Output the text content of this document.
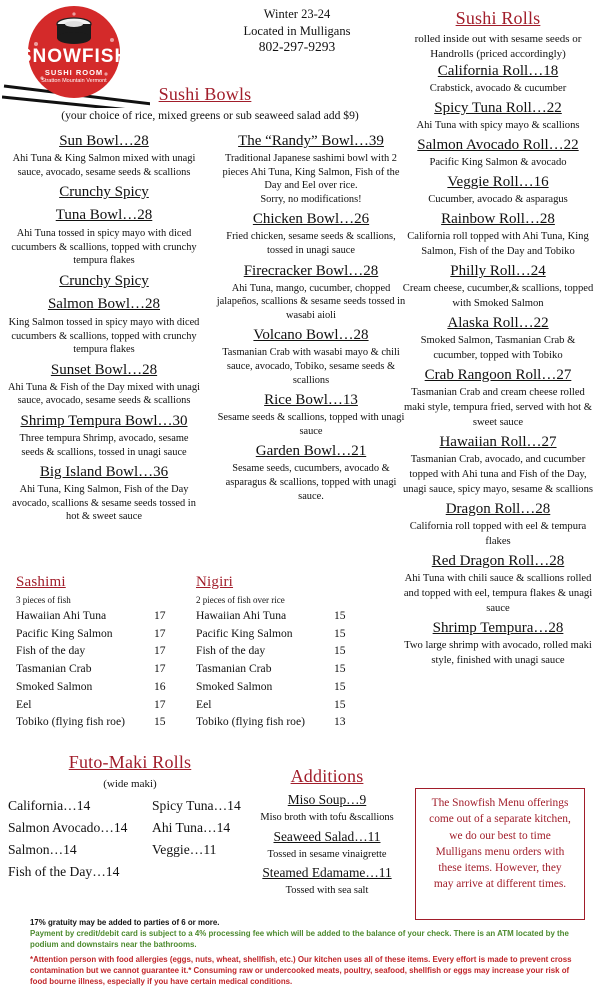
SNOWFISH
SUSHI ROOM
Stratton Mountain Vermont
Winter 23-24
Located in Mulligans
802-297-9293
Sushi Bowls
(your choice of rice, mixed greens or sub seaweed salad add $9)
Sun Bowl…28
Ahi Tuna & King Salmon mixed with unagi sauce, avocado, sesame seeds & scallions
Crunchy Spicy
Tuna Bowl…28
Ahi Tuna tossed in spicy mayo with diced cucumbers & scallions, topped with crunchy tempura flakes
Crunchy Spicy
Salmon Bowl…28
King Salmon tossed in spicy mayo with diced cucumbers & scallions, topped with crunchy tempura flakes
Sunset Bowl…28
Ahi Tuna & Fish of the Day mixed with unagi sauce, avocado, sesame seeds & scallions
Shrimp Tempura Bowl…30
Three tempura Shrimp, avocado, sesame seeds & scallions, tossed in unagi sauce
Big Island Bowl…36
Ahi Tuna, King Salmon, Fish of the Day avocado, scallions & sesame seeds tossed in hot & sweet sauce
The “Randy” Bowl…39
Traditional Japanese sashimi bowl with 2 pieces Ahi Tuna, King Salmon, Fish of the Day and Eel over rice.
Sorry, no modifications!
Chicken Bowl…26
Fried chicken, sesame seeds & scallions, tossed in unagi sauce
Firecracker Bowl…28
Ahi Tuna, mango, cucumber, chopped jalapeños, scallions & sesame seeds tossed in wasabi aioli
Volcano Bowl…28
Tasmanian Crab with wasabi mayo & chili sauce, avocado, Tobiko, sesame seeds & scallions
Rice Bowl…13
Sesame seeds & scallions, topped with unagi sauce
Garden Bowl…21
Sesame seeds, cucumbers, avocado & asparagus & scallions, topped with unagi sauce.
Sushi Rolls
rolled inside out with sesame seeds or Handrolls (priced accordingly)
California Roll…18
Crabstick, avocado & cucumber
Spicy Tuna Roll…22
Ahi Tuna with spicy mayo & scallions
Salmon Avocado Roll…22
Pacific King Salmon & avocado
Veggie Roll…16
Cucumber, avocado & asparagus
Rainbow Roll…28
California roll topped with Ahi Tuna, King Salmon, Fish of the Day and Tobiko
Philly Roll…24
Cream cheese, cucumber,& scallions, topped with Smoked Salmon
Alaska Roll…22
Smoked Salmon, Tasmanian Crab & cucumber, topped with Tobiko
Crab Rangoon Roll…27
Tasmanian Crab and cream cheese rolled maki style, tempura fried, served with hot & sweet sauce
Hawaiian Roll…27
Tasmanian Crab, avocado, and cucumber topped with Ahi tuna and Fish of the Day, unagi sauce, spicy mayo, sesame & scallions
Dragon Roll…28
California roll topped with eel & tempura flakes
Red Dragon Roll…28
Ahi Tuna with chili sauce & scallions rolled and topped with eel, tempura flakes & unagi sauce
Shrimp Tempura…28
Two large shrimp with avocado, rolled maki style, finished with unagi sauce
Sashimi
3 pieces of fish
Hawaiian Ahi Tuna	17
Pacific King Salmon	17
Fish of the day	17
Tasmanian Crab	17
Smoked Salmon	16
Eel	17
Tobiko (flying fish roe)	15
Nigiri
2 pieces of fish over rice
Hawaiian Ahi Tuna	15
Pacific King Salmon	15
Fish of the day	15
Tasmanian Crab	15
Smoked Salmon	15
Eel	15
Tobiko (flying fish roe)	13
Futo-Maki Rolls
(wide maki)
California…14
Salmon Avocado…14
Salmon…14
Fish of the Day…14
Spicy Tuna…14
Ahi Tuna…14
Veggie…11
Additions
Miso Soup…9
Miso broth with tofu &scallions
Seaweed Salad…11
Tossed in sesame vinaigrette
Steamed Edamame…11
Tossed with sea salt
The Snowfish Menu offerings come out of a separate kitchen, we do our best to time Mulligans menu orders with these items. However, they may arrive at different times.
17% gratuity may be added to parties of 6 or more.
Payment by credit/debit card is subject to a 4% processing fee which will be added to the balance of your check. There is an ATM located by the podium and downstairs near the bathrooms.
*Attention person with food allergies (eggs, nuts, wheat, shellfish, etc.) Our kitchen uses all of these items. Every effort is made to prevent cross contamination but we cannot guarantee it.* Consuming raw or undercooked meats, poultry, seafood, shellfish or eggs may increase your risk of food bourne illness, especially if you have certain medical conditions.
